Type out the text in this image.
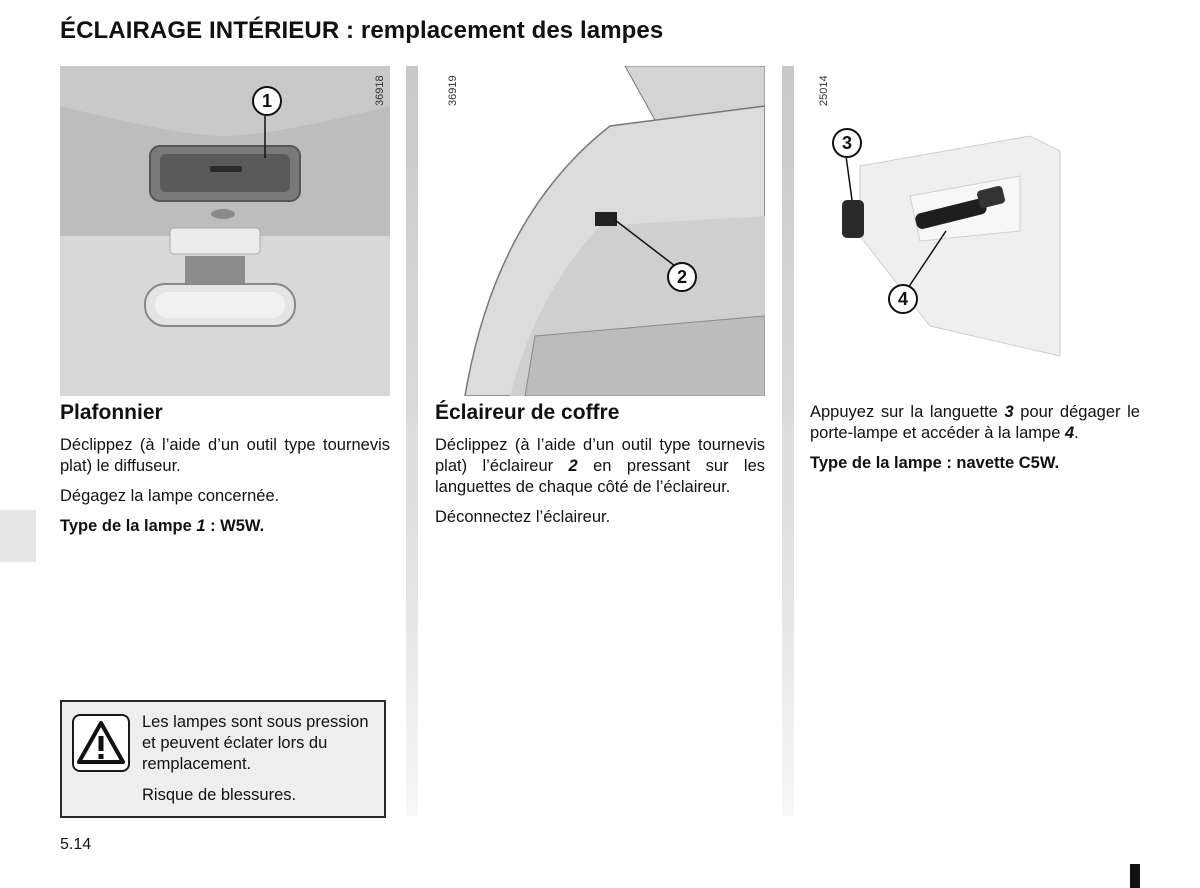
ÉCLAIRAGE INTÉRIEUR : remplacement des lampes
36918
1	36919
2
25014
3
4
Plafonnier

Déclippez (à l’aide d’un outil type tournevis plat) le diffuseur.

Dégagez la lampe concernée.

Type de la lampe 1 : W5W.

Les lampes sont sous pression et peuvent éclater lors du remplacement.

Risque de blessures.

Éclaireur de coffre

Déclippez (à l’aide d’un outil type tournevis plat) l’éclaireur 2 en pressant sur les languettes de chaque côté de l’éclaireur.

Déconnectez l’éclaireur.

Appuyez sur la languette 3 pour dégager le porte-lampe et accéder à la lampe 4.

Type de la lampe : navette C5W.

5.14
